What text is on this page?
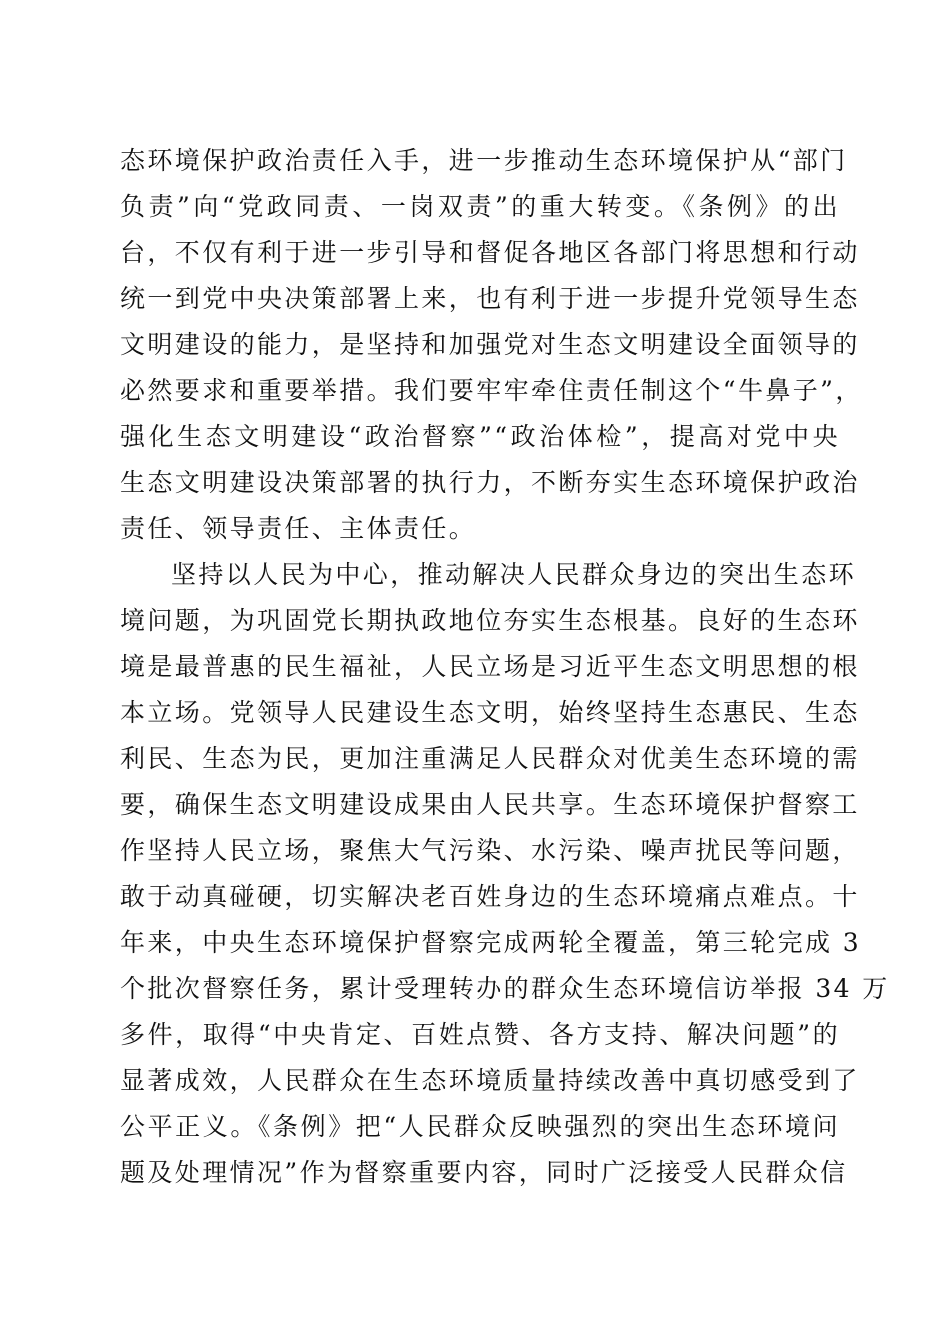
态环境保护政治责任入手，进一步推动生态环境保护从“部门
负责”向“党政同责、一岗双责”的重大转变。《条例》的出
台，不仅有利于进一步引导和督促各地区各部门将思想和行动
统一到党中央决策部署上来，也有利于进一步提升党领导生态
文明建设的能力，是坚持和加强党对生态文明建设全面领导的
必然要求和重要举措。我们要牢牢牵住责任制这个“牛鼻子”，
强化生态文明建设“政治督察”“政治体检”，提高对党中央
生态文明建设决策部署的执行力，不断夯实生态环境保护政治
责任、领导责任、主体责任。
坚持以人民为中心，推动解决人民群众身边的突出生态环
境问题，为巩固党长期执政地位夯实生态根基。良好的生态环
境是最普惠的民生福祉，人民立场是习近平生态文明思想的根
本立场。党领导人民建设生态文明，始终坚持生态惠民、生态
利民、生态为民，更加注重满足人民群众对优美生态环境的需
要，确保生态文明建设成果由人民共享。生态环境保护督察工
作坚持人民立场，聚焦大气污染、水污染、噪声扰民等问题，
敢于动真碰硬，切实解决老百姓身边的生态环境痛点难点。十
年来，中央生态环境保护督察完成两轮全覆盖，第三轮完成 3
个批次督察任务，累计受理转办的群众生态环境信访举报 34 万
多件，取得“中央肯定、百姓点赞、各方支持、解决问题”的
显著成效，人民群众在生态环境质量持续改善中真切感受到了
公平正义。《条例》把“人民群众反映强烈的突出生态环境问
题及处理情况”作为督察重要内容，同时广泛接受人民群众信
